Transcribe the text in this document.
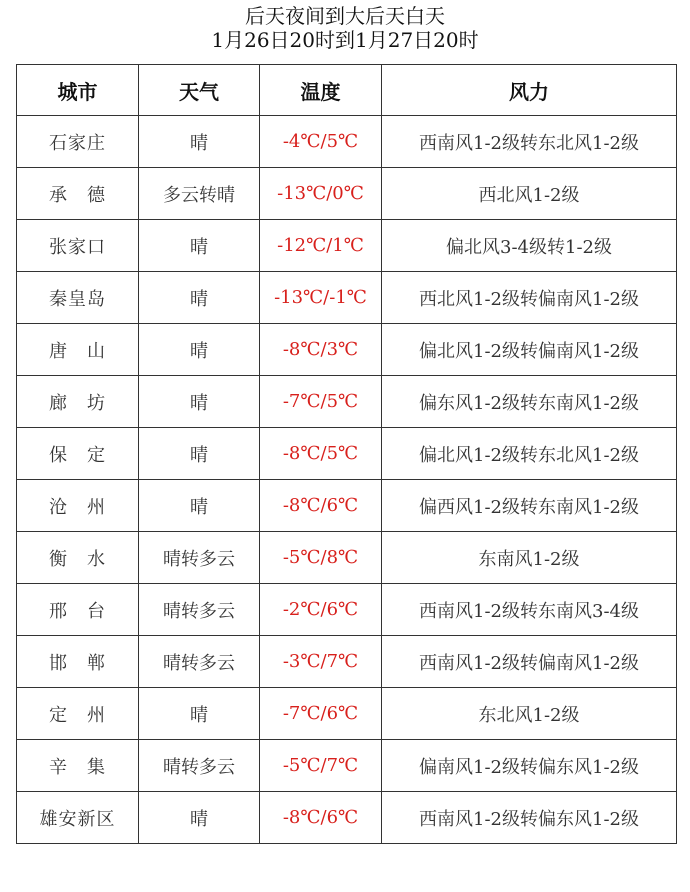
后天夜间到大后天白天
1月26日20时到1月27日20时
城市	天气	温度	风力
石家庄	晴	-4℃/5℃	西南风1-2级转东北风1-2级
承　德	多云转晴	-13℃/0℃	西北风1-2级
张家口	晴	-12℃/1℃	偏北风3-4级转1-2级
秦皇岛	晴	-13℃/-1℃	西北风1-2级转偏南风1-2级
唐　山	晴	-8℃/3℃	偏北风1-2级转偏南风1-2级
廊　坊	晴	-7℃/5℃	偏东风1-2级转东南风1-2级
保　定	晴	-8℃/5℃	偏北风1-2级转东北风1-2级
沧　州	晴	-8℃/6℃	偏西风1-2级转东南风1-2级
衡　水	晴转多云	-5℃/8℃	东南风1-2级
邢　台	晴转多云	-2℃/6℃	西南风1-2级转东南风3-4级
邯　郸	晴转多云	-3℃/7℃	西南风1-2级转偏南风1-2级
定　州	晴	-7℃/6℃	东北风1-2级
辛　集	晴转多云	-5℃/7℃	偏南风1-2级转偏东风1-2级
雄安新区	晴	-8℃/6℃	西南风1-2级转偏东风1-2级
